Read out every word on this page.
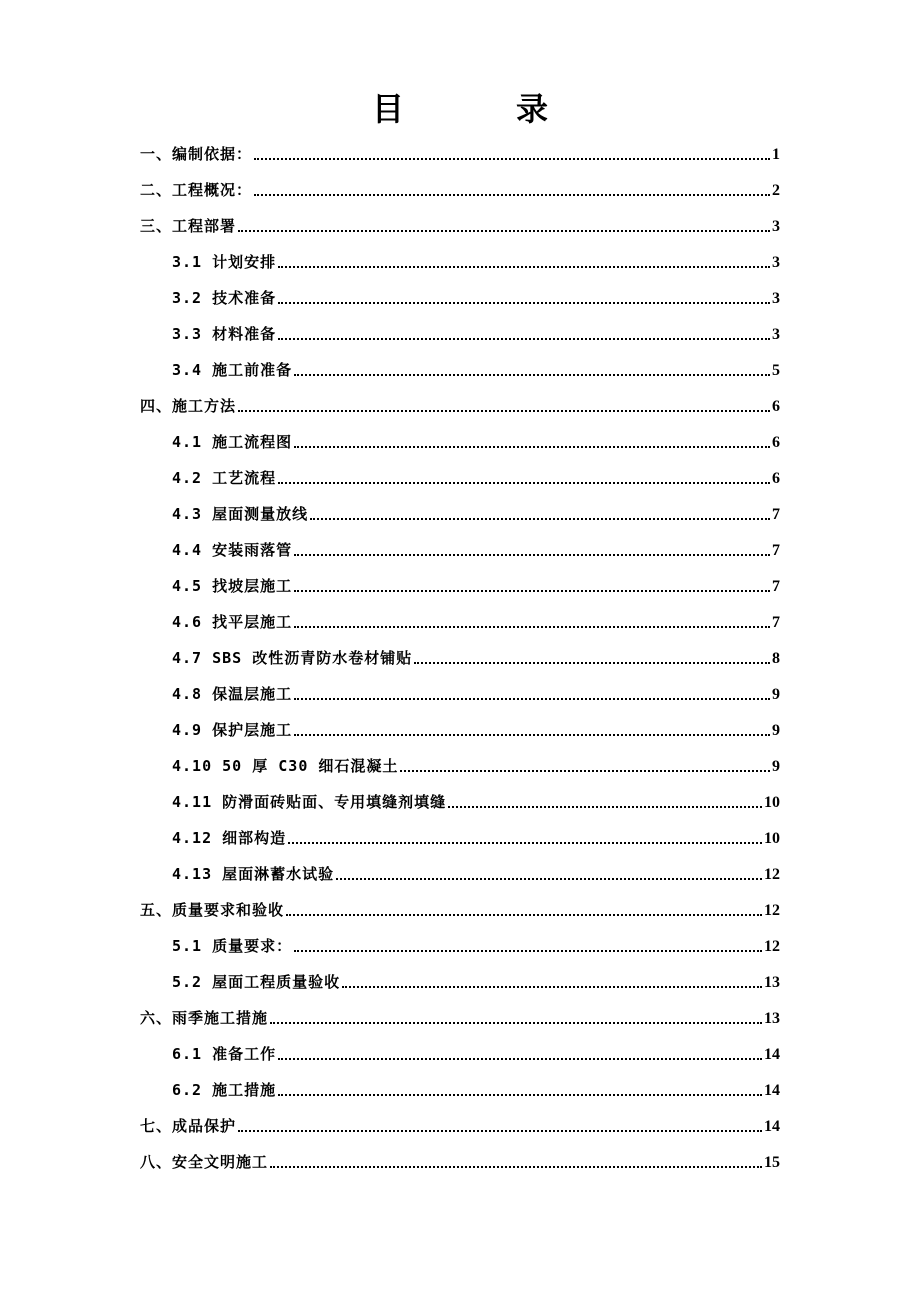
目　录
一、编制依据：	1
二、工程概况：	2
三、工程部署	3
3.1 计划安排	3
3.2 技术准备	3
3.3 材料准备	3
3.4 施工前准备	5
四、施工方法	6
4.1 施工流程图	6
4.2 工艺流程	6
4.3 屋面测量放线	7
4.4 安装雨落管	7
4.5 找坡层施工	7
4.6 找平层施工	7
4.7 SBS 改性沥青防水卷材铺贴	8
4.8 保温层施工	9
4.9 保护层施工	9
4.10 50 厚 C30 细石混凝土	9
4.11 防滑面砖贴面、专用填缝剂填缝	10
4.12 细部构造	10
4.13 屋面淋蓄水试验	12
五、质量要求和验收	12
5.1 质量要求：	12
5.2 屋面工程质量验收	13
六、雨季施工措施	13
6.1 准备工作	14
6.2 施工措施	14
七、成品保护	14
八、安全文明施工	15
